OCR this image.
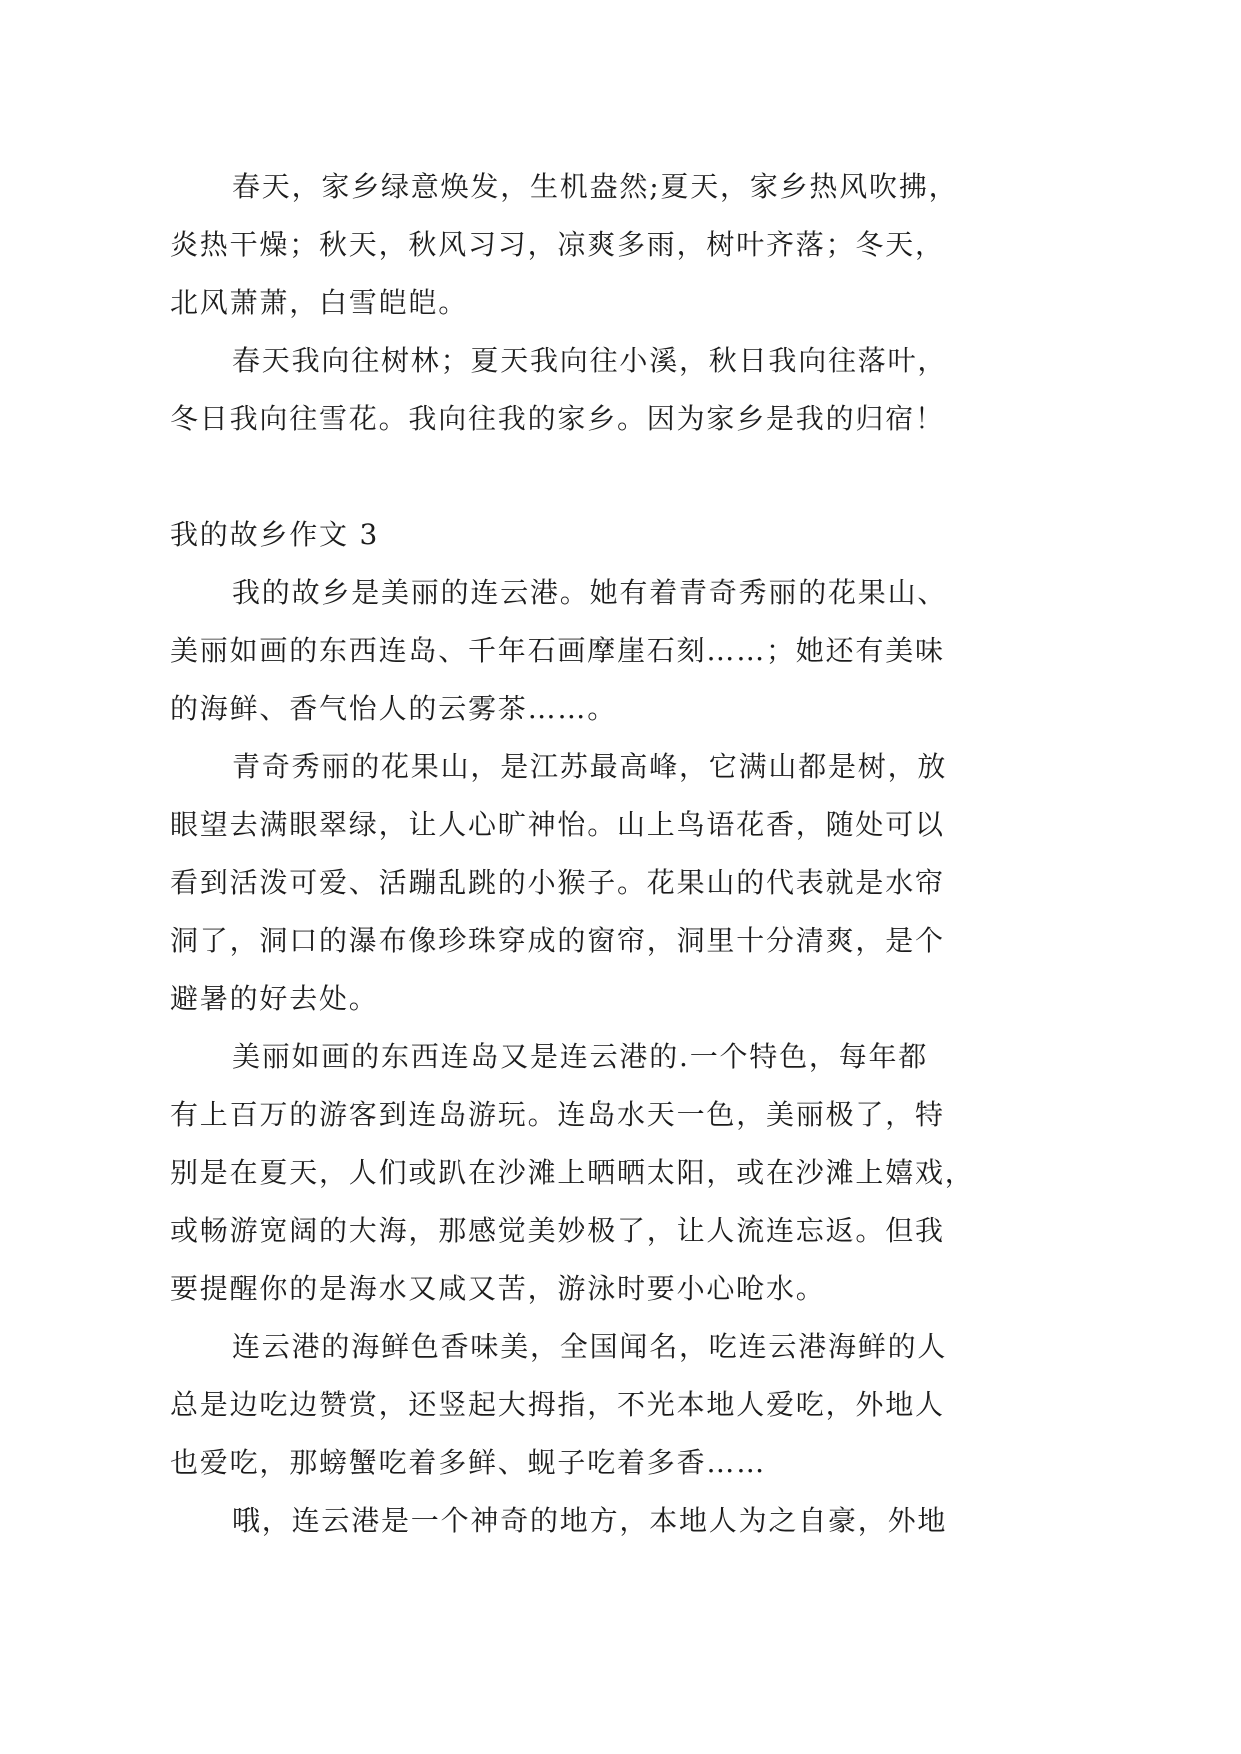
春天，家乡绿意焕发，生机盎然;夏天，家乡热风吹拂，
炎热干燥；秋天，秋风习习，凉爽多雨，树叶齐落；冬天，
北风萧萧，白雪皑皑。
春天我向往树林；夏天我向往小溪，秋日我向往落叶，
冬日我向往雪花。我向往我的家乡。因为家乡是我的归宿！
我的故乡作文 3
我的故乡是美丽的连云港。她有着青奇秀丽的花果山、
美丽如画的东西连岛、千年石画摩崖石刻……；她还有美味
的海鲜、香气怡人的云雾茶……。
青奇秀丽的花果山，是江苏最高峰，它满山都是树，放
眼望去满眼翠绿，让人心旷神怡。山上鸟语花香，随处可以
看到活泼可爱、活蹦乱跳的小猴子。花果山的代表就是水帘
洞了，洞口的瀑布像珍珠穿成的窗帘，洞里十分清爽，是个
避暑的好去处。
美丽如画的东西连岛又是连云港的.一个特色，每年都
有上百万的游客到连岛游玩。连岛水天一色，美丽极了，特
别是在夏天，人们或趴在沙滩上晒晒太阳，或在沙滩上嬉戏，
或畅游宽阔的大海，那感觉美妙极了，让人流连忘返。但我
要提醒你的是海水又咸又苦，游泳时要小心呛水。
连云港的海鲜色香味美，全国闻名，吃连云港海鲜的人
总是边吃边赞赏，还竖起大拇指，不光本地人爱吃，外地人
也爱吃，那螃蟹吃着多鲜、蚬子吃着多香……
哦，连云港是一个神奇的地方，本地人为之自豪，外地
